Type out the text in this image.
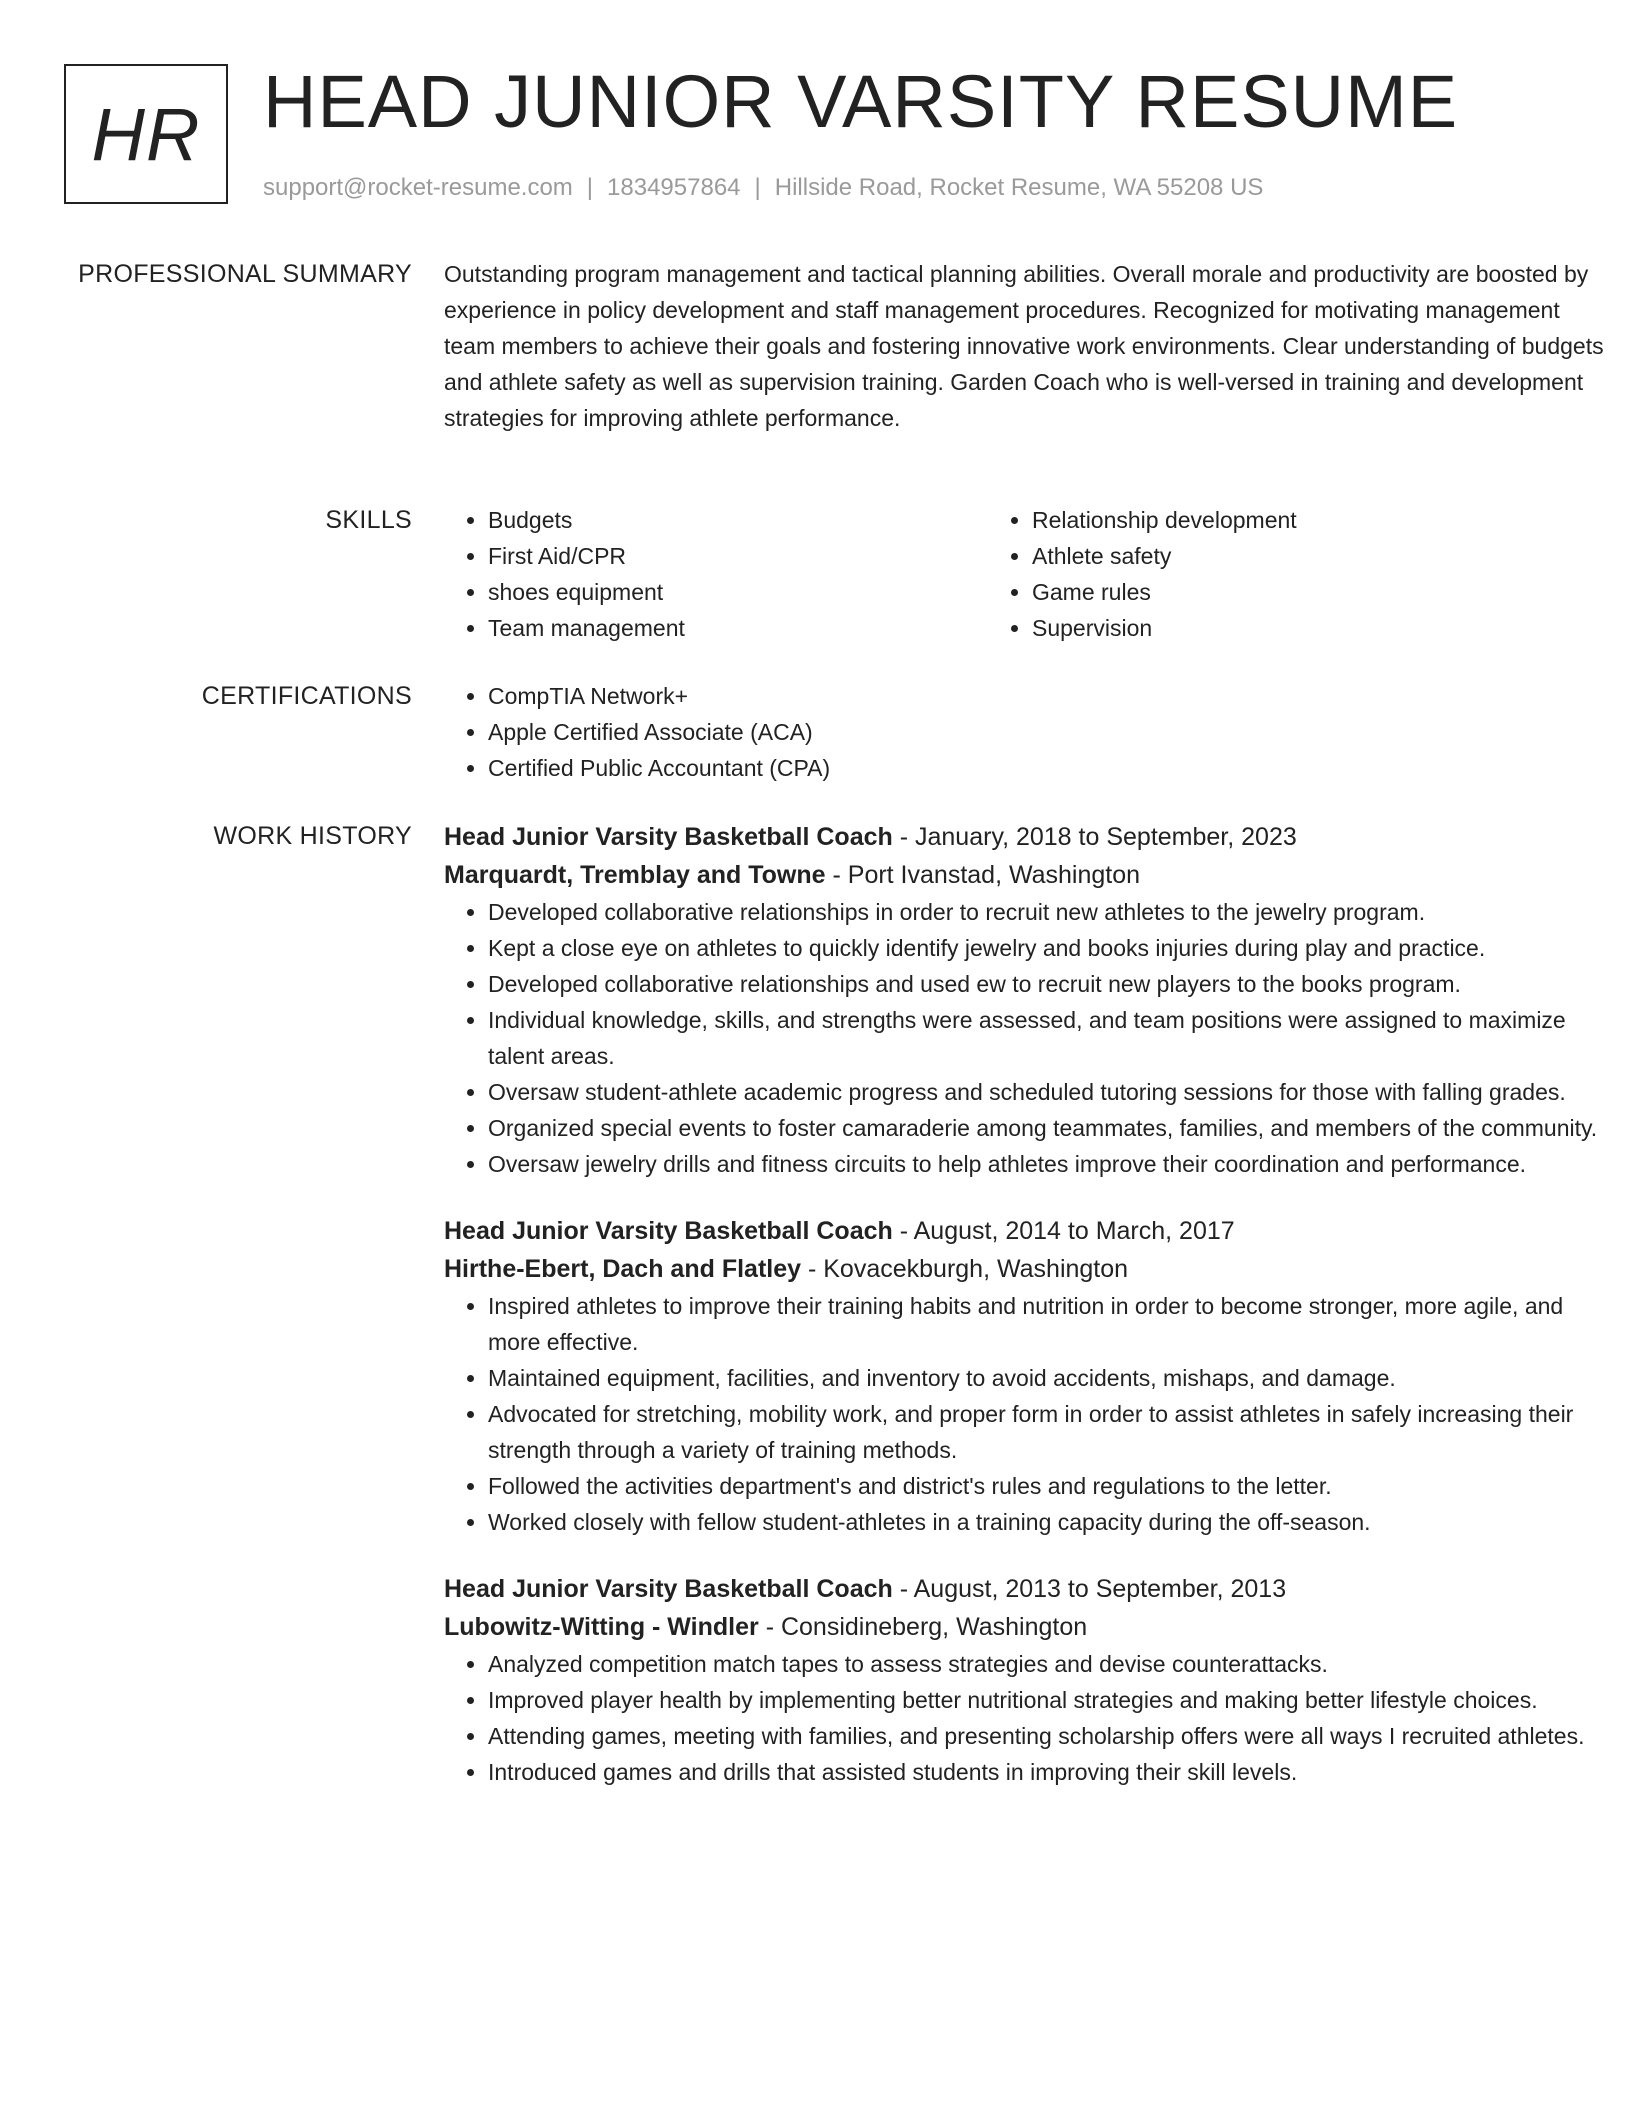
HR HEAD JUNIOR VARSITY RESUME
support@rocket-resume.com | 1834957864 | Hillside Road, Rocket Resume, WA 55208 US
PROFESSIONAL SUMMARY Outstanding program management and tactical planning abilities. Overall morale and productivity are boosted by experience in policy development and staff management procedures. Recognized for motivating management team members to achieve their goals and fostering innovative work environments. Clear understanding of budgets and athlete safety as well as supervision training. Garden Coach who is well-versed in training and development strategies for improving athlete performance.

SKILLS	• Budgets
• First Aid/CPR
• shoes equipment
• Team management
• Relationship development
• Athlete safety
• Game rules
• Supervision
CERTIFICATIONS	• CompTIA Network+
• Apple Certified Associate (ACA)
• Certified Public Accountant (CPA)
WORK HISTORY Head Junior Varsity Basketball Coach - January, 2018 to September, 2023
Marquardt, Tremblay and Towne - Port Ivanstad, Washington
• Developed collaborative relationships in order to recruit new athletes to the jewelry program.
• Kept a close eye on athletes to quickly identify jewelry and books injuries during play and practice.
• Developed collaborative relationships and used ew to recruit new players to the books program.
• Individual knowledge, skills, and strengths were assessed, and team positions were assigned to maximize talent areas.
• Oversaw student-athlete academic progress and scheduled tutoring sessions for those with falling grades.
• Organized special events to foster camaraderie among teammates, families, and members of the community.
• Oversaw jewelry drills and fitness circuits to help athletes improve their coordination and performance.
Head Junior Varsity Basketball Coach - August, 2014 to March, 2017
Hirthe-Ebert, Dach and Flatley - Kovacekburgh, Washington
• Inspired athletes to improve their training habits and nutrition in order to become stronger, more agile, and more effective.
• Maintained equipment, facilities, and inventory to avoid accidents, mishaps, and damage.
• Advocated for stretching, mobility work, and proper form in order to assist athletes in safely increasing their strength through a variety of training methods.
• Followed the activities department's and district's rules and regulations to the letter.
• Worked closely with fellow student-athletes in a training capacity during the off-season.
Head Junior Varsity Basketball Coach - August, 2013 to September, 2013
Lubowitz-Witting - Windler - Considineberg, Washington
• Analyzed competition match tapes to assess strategies and devise counterattacks.
• Improved player health by implementing better nutritional strategies and making better lifestyle choices.
• Attending games, meeting with families, and presenting scholarship offers were all ways I recruited athletes.
• Introduced games and drills that assisted students in improving their skill levels.
